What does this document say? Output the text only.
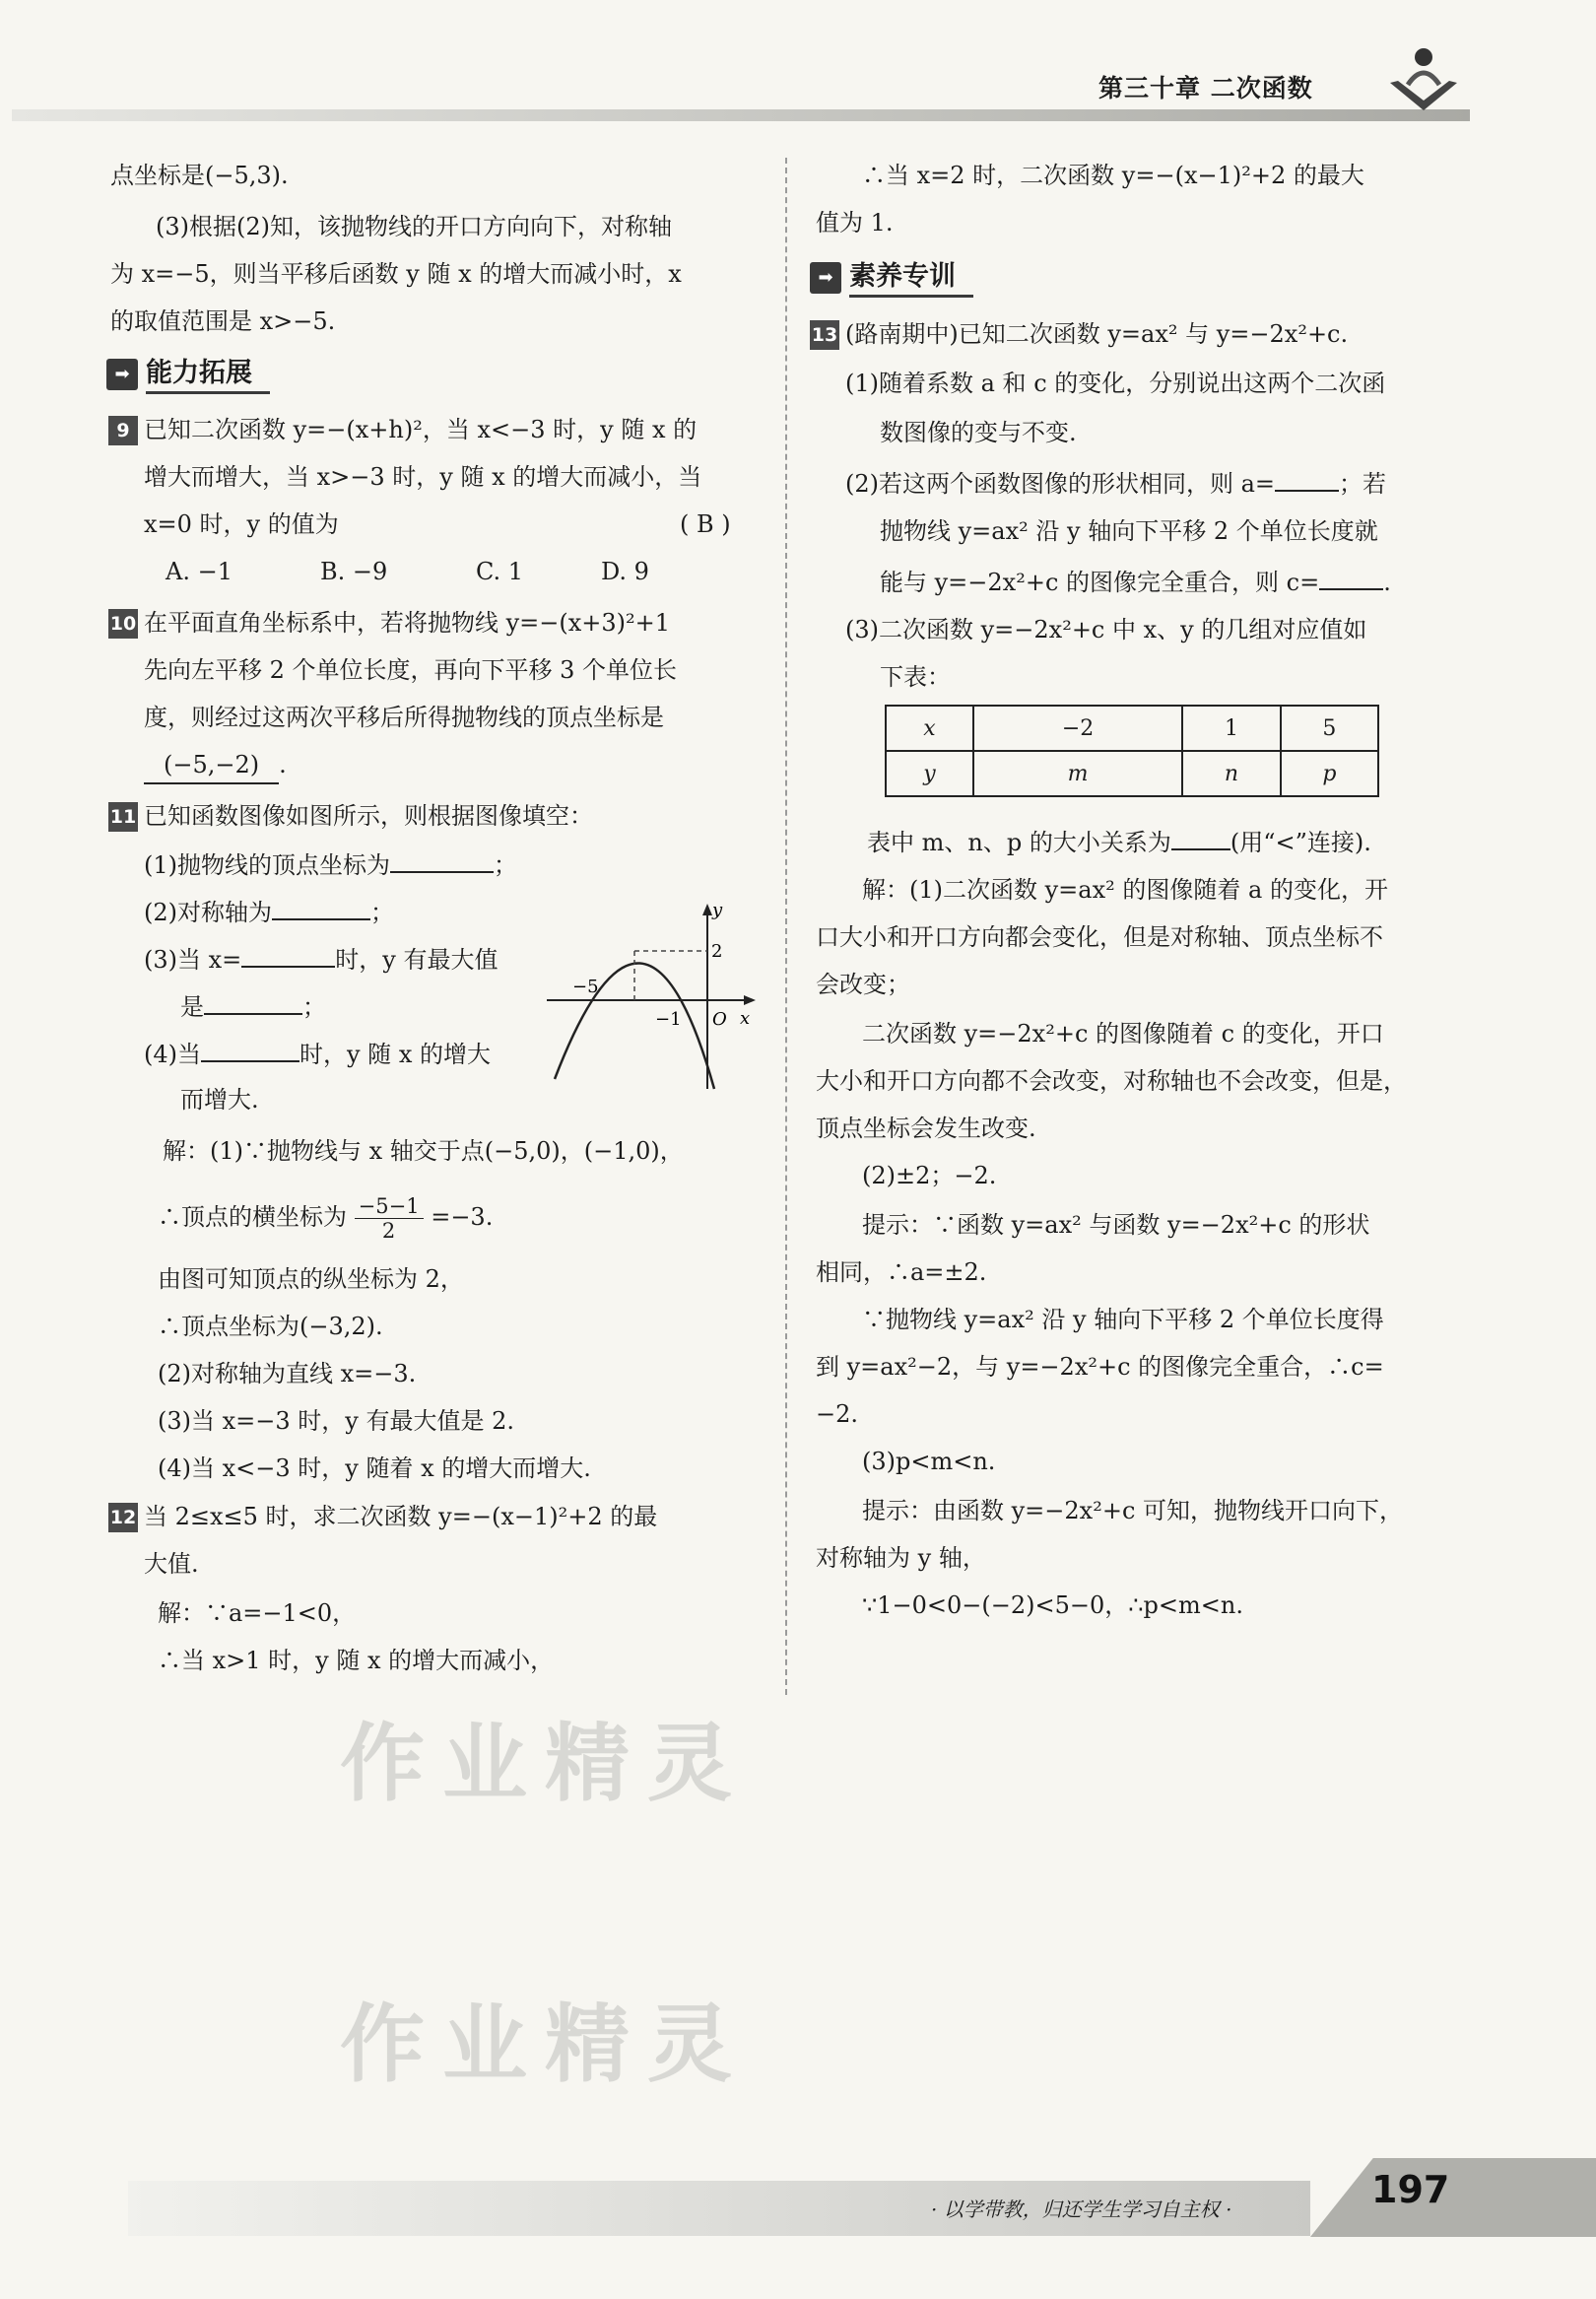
第三十章 二次函数
点坐标是(−5,3).
(3)根据(2)知，该抛物线的开口方向向下，对称轴
为 x=−5，则当平移后函数 y 随 x 的增大而减小时，x
的取值范围是 x>−5.
➡ 能力拓展
9 已知二次函数 y=−(x+h)²，当 x<−3 时，y 随 x 的
增大而增大，当 x>−3 时，y 随 x 的增大而减小，当
x=0 时，y 的值为	( B )
A. −1	B. −9	C. 1	D. 9
10 在平面直角坐标系中，若将抛物线 y=−(x+3)²+1
先向左平移 2 个单位长度，再向下平移 3 个单位长
度，则经过这两次平移后所得抛物线的顶点坐标是
(−5,−2) .
11 已知函数图像如图所示，则根据图像填空：
(1)抛物线的顶点坐标为	；
(2)对称轴为	；
(3)当 x=	时，y 有最大值
是	；
(4)当	时，y 随 x 的增大
而增大.
y
x
O
−5
−1
2
解：(1)∵抛物线与 x 轴交于点(−5,0)，(−1,0)，
∴顶点的横坐标为 $\frac{-5-1}{2} =-3$.
由图可知顶点的纵坐标为 2，
∴顶点坐标为(−3,2).
(2)对称轴为直线 x=−3.
(3)当 x=−3 时，y 有最大值是 2.
(4)当 x<−3 时，y 随着 x 的增大而增大.
12 当 2≤x≤5 时，求二次函数 y=−(x−1)²+2 的最
大值.
解：∵a=−1<0，
∴当 x>1 时，y 随 x 的增大而减小，
∴当 x=2 时，二次函数 y=−(x−1)²+2 的最大
值为 1.
➡ 素养专训
13 (路南期中)已知二次函数 y=ax² 与 y=−2x²+c.
(1)随着系数 a 和 c 的变化，分别说出这两个二次函
数图像的变与不变.
(2)若这两个函数图像的形状相同，则 a=	；若
抛物线 y=ax² 沿 y 轴向下平移 2 个单位长度就
能与 y=−2x²+c 的图像完全重合，则 c=	.
(3)二次函数 y=−2x²+c 中 x、y 的几组对应值如
下表：
x	−2	1	5
y	m	n	p
表中 m、n、p 的大小关系为	(用“<”连接).
解：(1)二次函数 y=ax² 的图像随着 a 的变化，开
口大小和开口方向都会变化，但是对称轴、顶点坐标不
会改变；
二次函数 y=−2x²+c 的图像随着 c 的变化，开口
大小和开口方向都不会改变，对称轴也不会改变，但是，
顶点坐标会发生改变.
(2)±2；−2.
提示：∵函数 y=ax² 与函数 y=−2x²+c 的形状
相同，∴a=±2.
∵抛物线 y=ax² 沿 y 轴向下平移 2 个单位长度得
到 y=ax²−2，与 y=−2x²+c 的图像完全重合，∴c=
−2.
(3)p<m<n.
提示：由函数 y=−2x²+c 可知，抛物线开口向下，
对称轴为 y 轴，
∵1−0<0−(−2)<5−0，∴p<m<n.
作业精灵
作业精灵
· 以学带教，归还学生学习自主权 ·	197
